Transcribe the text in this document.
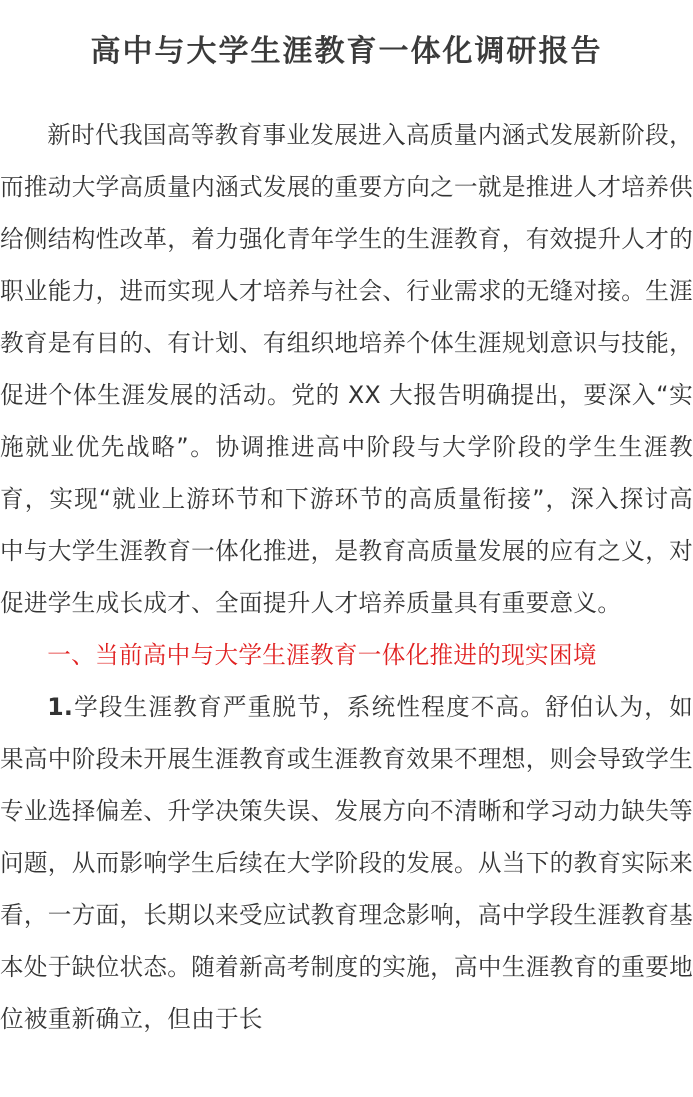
高中与大学生涯教育一体化调研报告

新时代我国高等教育事业发展进入高质量内涵式发展新阶段，而推动大学高质量内涵式发展的重要方向之一就是推进人才培养供给侧结构性改革，着力强化青年学生的生涯教育，有效提升人才的职业能力，进而实现人才培养与社会、行业需求的无缝对接。生涯教育是有目的、有计划、有组织地培养个体生涯规划意识与技能，促进个体生涯发展的活动。党的 XX 大报告明确提出，要深入“实施就业优先战略”。协调推进高中阶段与大学阶段的学生生涯教育，实现“就业上游环节和下游环节的高质量衔接”，深入探讨高中与大学生涯教育一体化推进，是教育高质量发展的应有之义，对促进学生成长成才、全面提升人才培养质量具有重要意义。

一、当前高中与大学生涯教育一体化推进的现实困境

1.学段生涯教育严重脱节，系统性程度不高。舒伯认为，如果高中阶段未开展生涯教育或生涯教育效果不理想，则会导致学生专业选择偏差、升学决策失误、发展方向不清晰和学习动力缺失等问题，从而影响学生后续在大学阶段的发展。从当下的教育实际来看，一方面，长期以来受应试教育理念影响，高中学段生涯教育基本处于缺位状态。随着新高考制度的实施，高中生涯教育的重要地位被重新确立，但由于长
